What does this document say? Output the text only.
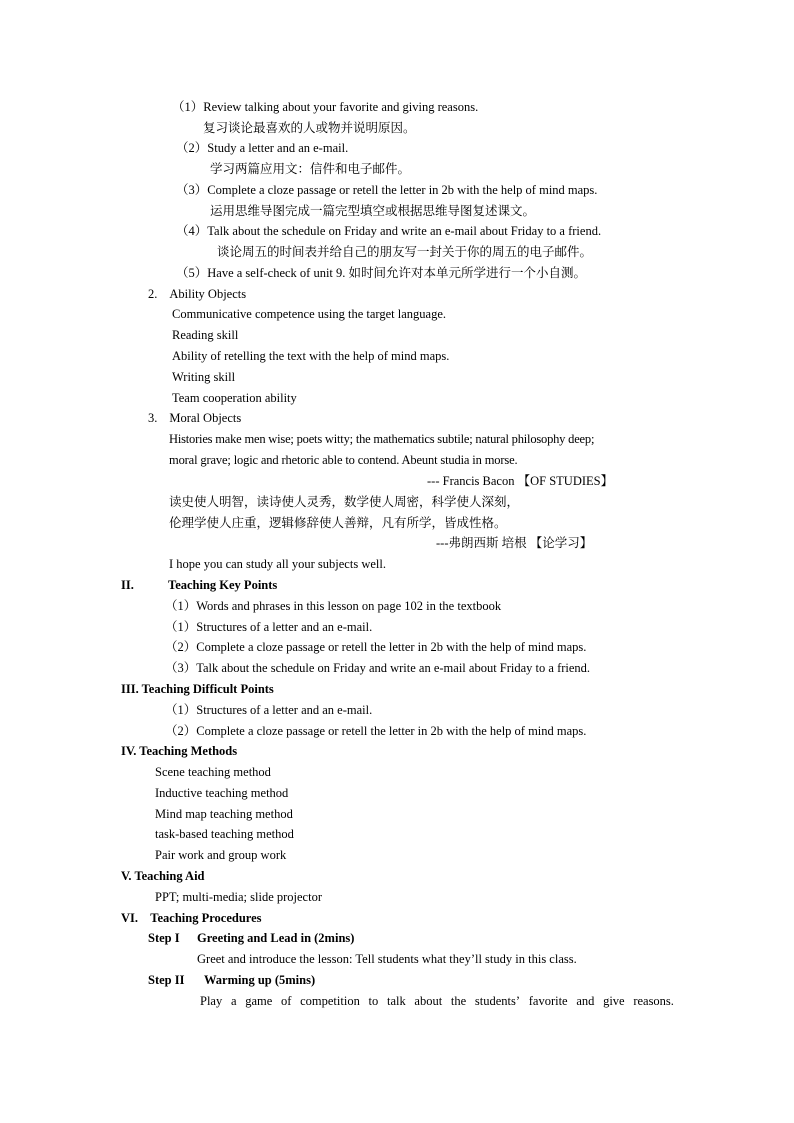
（1）Review talking about your favorite and giving reasons.
复习谈论最喜欢的人或物并说明原因。
（2）Study a letter and an e-mail.
学习两篇应用文：信件和电子邮件。
（3）Complete a cloze passage or retell the letter in 2b with the help of mind maps.
运用思维导图完成一篇完型填空或根据思维导图复述课文。
（4）Talk about the schedule on Friday and write an e-mail about Friday to a friend.
谈论周五的时间表并给自己的朋友写一封关于你的周五的电子邮件。
（5）Have a self-check of unit 9. 如时间允许对本单元所学进行一个小自测。
2. Ability Objects
Communicative competence using the target language.
Reading skill
Ability of retelling the text with the help of mind maps.
Writing skill
Team cooperation ability
3. Moral Objects
Histories make men wise; poets witty; the mathematics subtile; natural philosophy deep;
moral grave; logic and rhetoric able to contend. Abeunt studia in morse.
--- Francis Bacon 【OF STUDIES】
读史使人明智，读诗使人灵秀，数学使人周密，科学使人深刻，
伦理学使人庄重，逻辑修辞使人善辩，凡有所学，皆成性格。
---弗朗西斯 培根 【论学习】
I hope you can study all your subjects well.
II.	Teaching Key Points
（1）Words and phrases in this lesson on page 102 in the textbook
（1）Structures of a letter and an e-mail.
（2）Complete a cloze passage or retell the letter in 2b with the help of mind maps.
（3）Talk about the schedule on Friday and write an e-mail about Friday to a friend.
III. Teaching Difficult Points
（1）Structures of a letter and an e-mail.
（2）Complete a cloze passage or retell the letter in 2b with the help of mind maps.
IV. Teaching Methods
Scene teaching method
Inductive teaching method
Mind map teaching method
task-based teaching method
Pair work and group work
V. Teaching Aid
PPT; multi-media; slide projector
VI.    Teaching Procedures
Step I Greeting and Lead in (2mins)
Greet and introduce the lesson: Tell students what they’ll study in this class.
Step II Warming up (5mins)
Play a game of competition to talk about the students’ favorite and give reasons.
